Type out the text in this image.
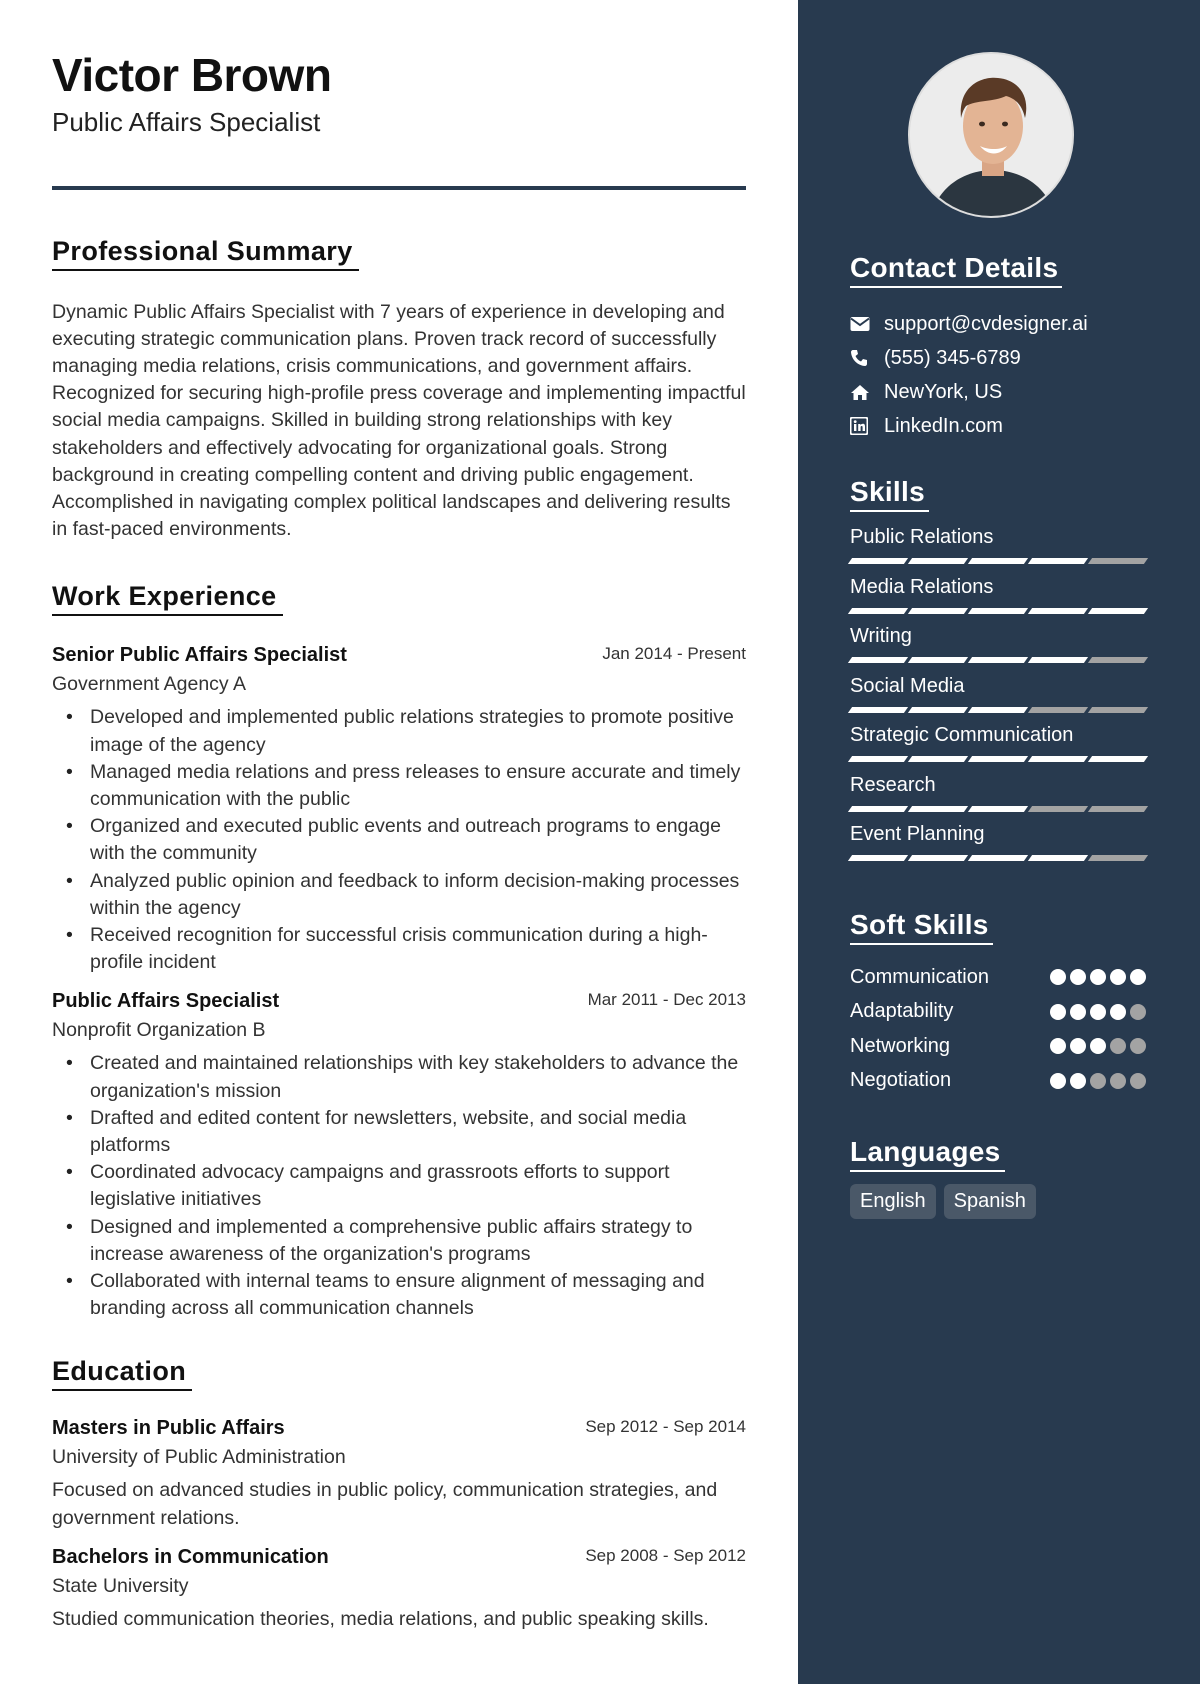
Victor Brown
Public Affairs Specialist
Professional Summary

Dynamic Public Affairs Specialist with 7 years of experience in developing and executing strategic communication plans. Proven track record of successfully managing media relations, crisis communications, and government affairs. Recognized for securing high-profile press coverage and implementing impactful social media campaigns. Skilled in building strong relationships with key stakeholders and effectively advocating for organizational goals. Strong background in creating compelling content and driving public engagement. Accomplished in navigating complex political landscapes and delivering results in fast-paced environments.

Work Experience
Senior Public Affairs Specialist	Jan 2014 - Present
Government Agency A
• Developed and implemented public relations strategies to promote positive image of the agency
• Managed media relations and press releases to ensure accurate and timely communication with the public
• Organized and executed public events and outreach programs to engage with the community
• Analyzed public opinion and feedback to inform decision-making processes within the agency
• Received recognition for successful crisis communication during a high-profile incident
Public Affairs Specialist	Mar 2011 - Dec 2013
Nonprofit Organization B
• Created and maintained relationships with key stakeholders to advance the organization's mission
• Drafted and edited content for newsletters, website, and social media platforms
• Coordinated advocacy campaigns and grassroots efforts to support legislative initiatives
• Designed and implemented a comprehensive public affairs strategy to increase awareness of the organization's programs
• Collaborated with internal teams to ensure alignment of messaging and branding across all communication channels
Education
Masters in Public Affairs	Sep 2012 - Sep 2014
University of Public Administration

Focused on advanced studies in public policy, communication strategies, and government relations.

Bachelors in Communication	Sep 2008 - Sep 2012
State University

Studied communication theories, media relations, and public speaking skills.

Contact Details
support@cvdesigner.ai
(555) 345-6789
NewYork, US
LinkedIn.com
Skills
Public Relations
Media Relations
Writing
Social Media
Strategic Communication
Research
Event Planning
Soft Skills
Communication
Adaptability
Networking
Negotiation
Languages
English	Spanish
